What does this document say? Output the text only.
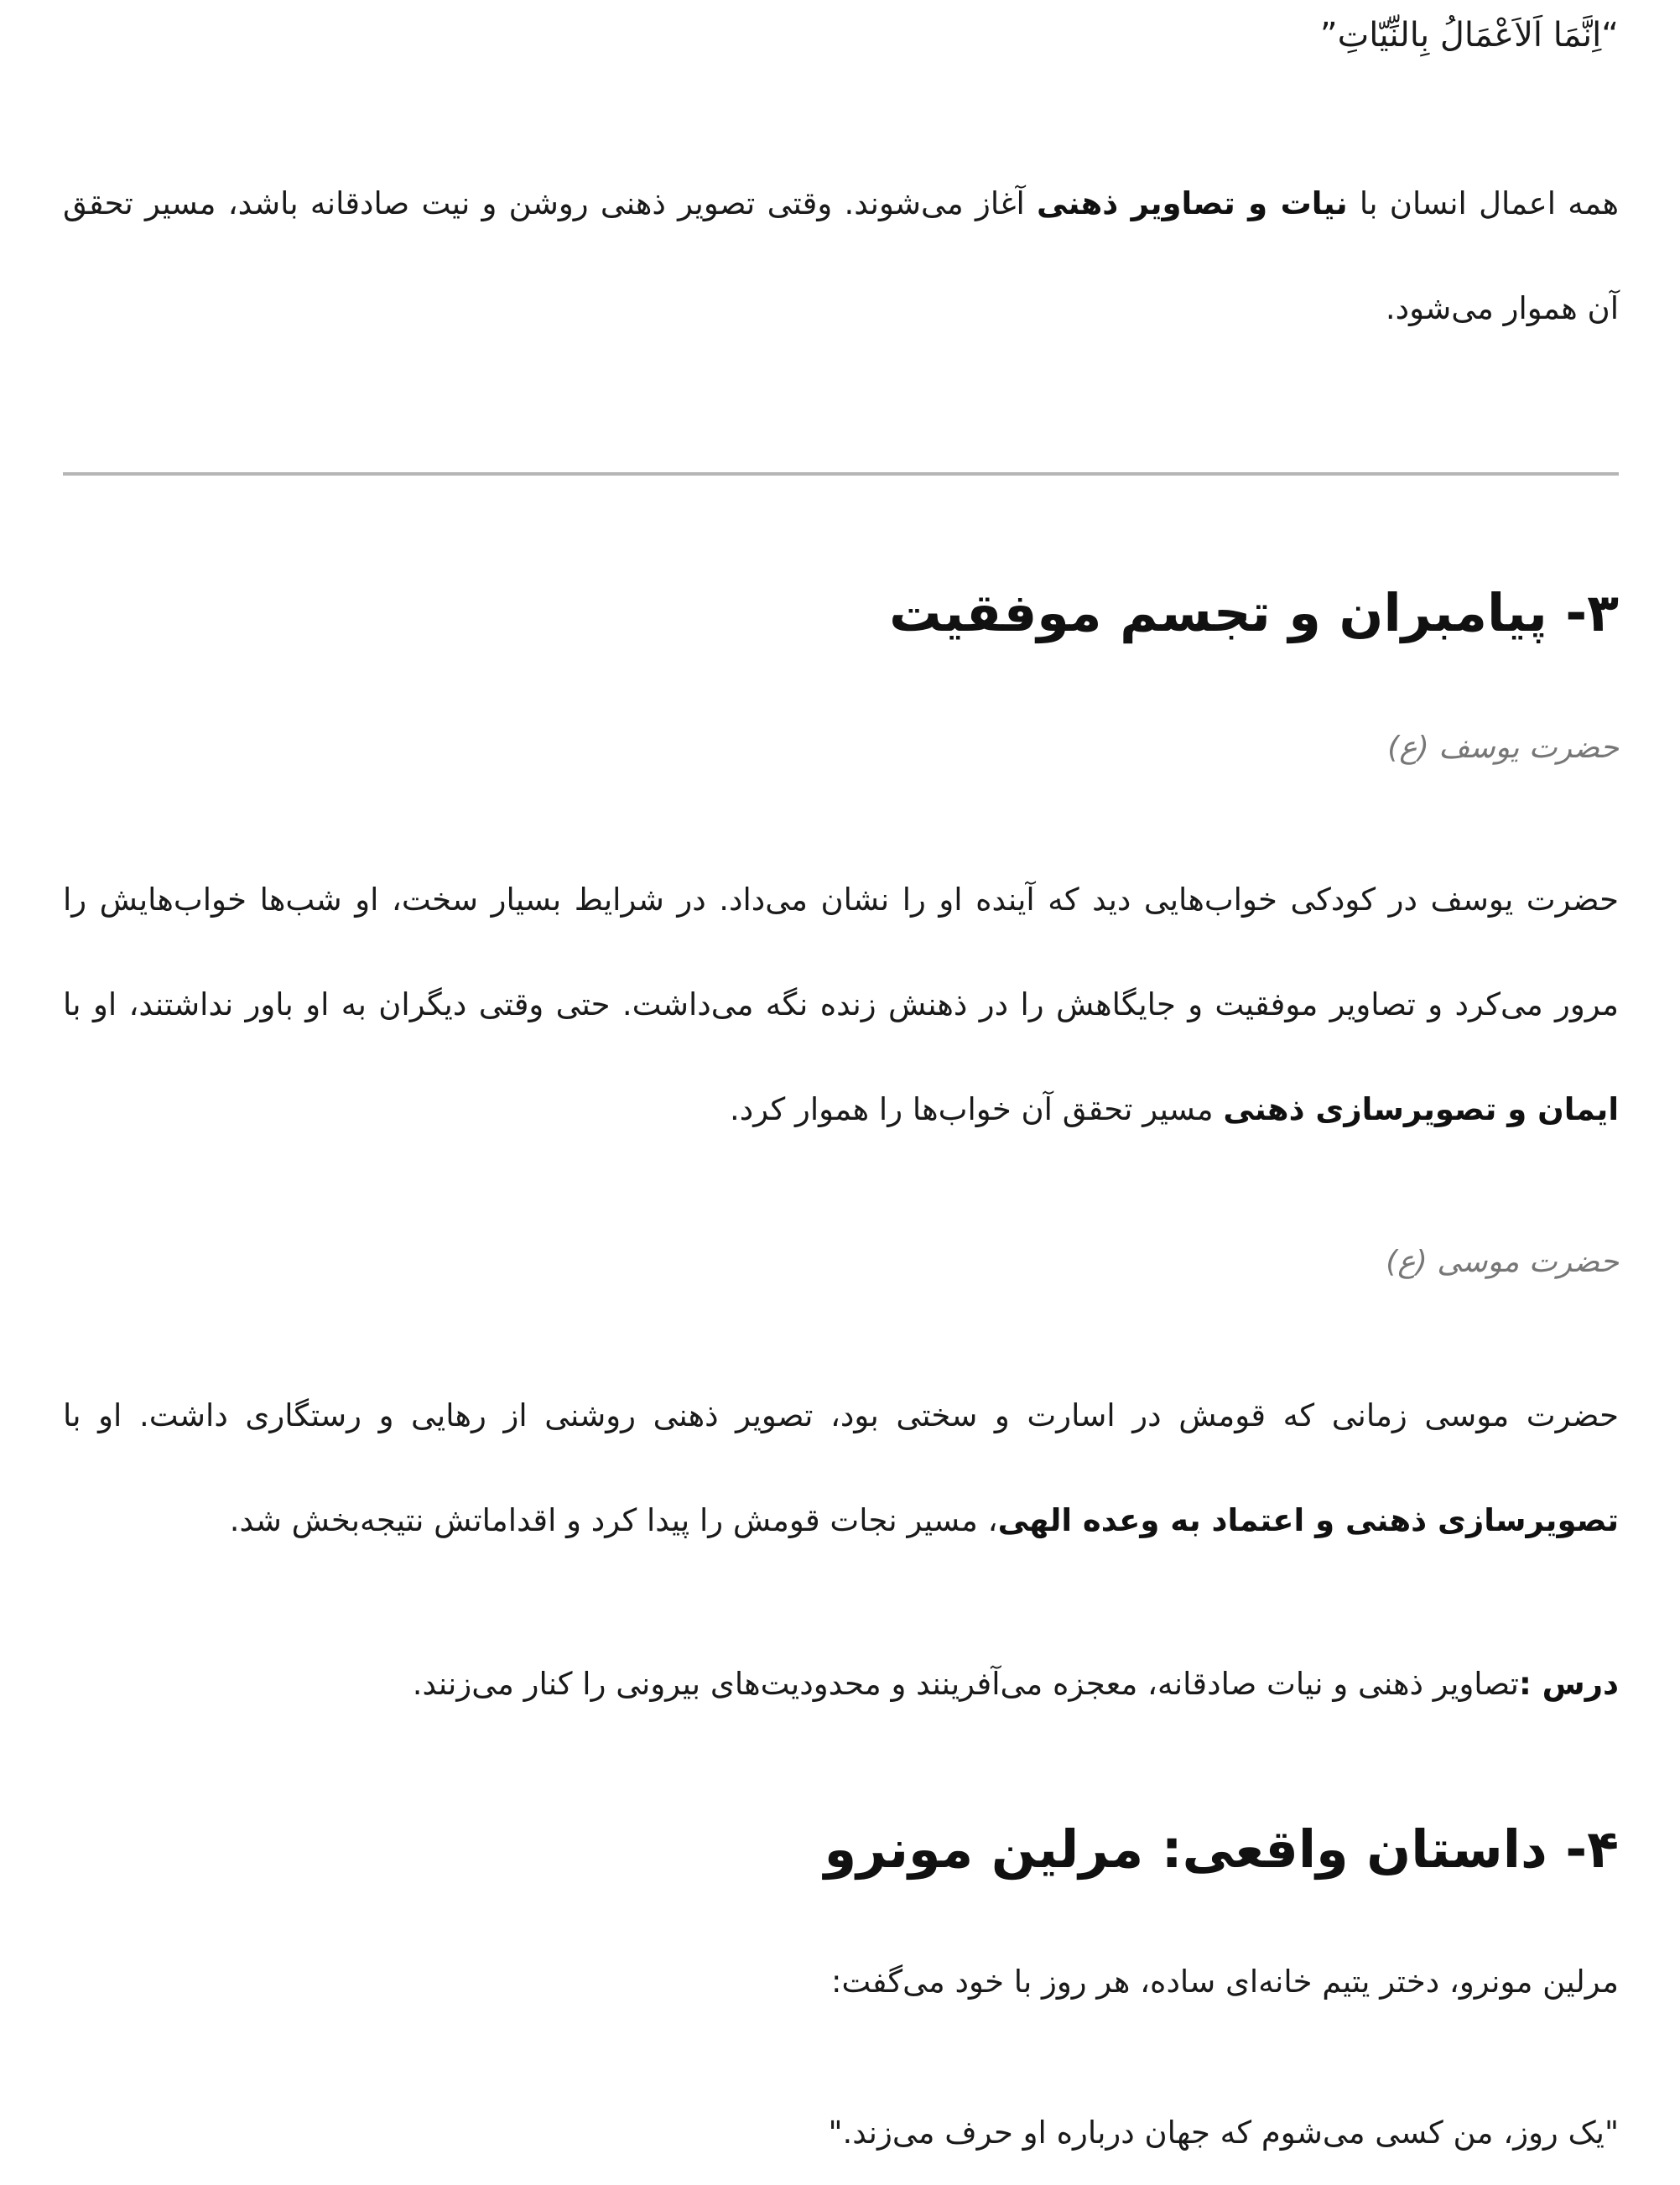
“اِنَّمَا اَلاَعْمَالُ بِالنِّیّاتِ”

همه اعمال انسان با نیات و تصاویر ذهنی آغاز می‌شوند. وقتی تصویر ذهنی روشن و نیت صادقانه باشد، مسیر تحقق آن هموار می‌شود.

۳- پیامبران و تجسم موفقیت

حضرت یوسف (ع)

حضرت یوسف در کودکی خواب‌هایی دید که آینده او را نشان می‌داد. در شرایط بسیار سخت، او شب‌ها خواب‌هایش را مرور می‌کرد و تصاویر موفقیت و جایگاهش را در ذهنش زنده نگه می‌داشت. حتی وقتی دیگران به او باور نداشتند، او با ایمان و تصویرسازی ذهنی مسیر تحقق آن خواب‌ها را هموار کرد.

حضرت موسی (ع)

حضرت موسی زمانی که قومش در اسارت و سختی بود، تصویر ذهنی روشنی از رهایی و رستگاری داشت. او با تصویرسازی ذهنی و اعتماد به وعده الهی، مسیر نجات قومش را پیدا کرد و اقداماتش نتیجه‌بخش شد.

درس :تصاویر ذهنی و نیات صادقانه، معجزه می‌آفرینند و محدودیت‌های بیرونی را کنار می‌زنند.

۴- داستان واقعی: مرلین مونرو

مرلین مونرو، دختر یتیم خانه‌ای ساده، هر روز با خود می‌گفت:

"یک روز، من کسی می‌شوم که جهان درباره او حرف می‌زند."
